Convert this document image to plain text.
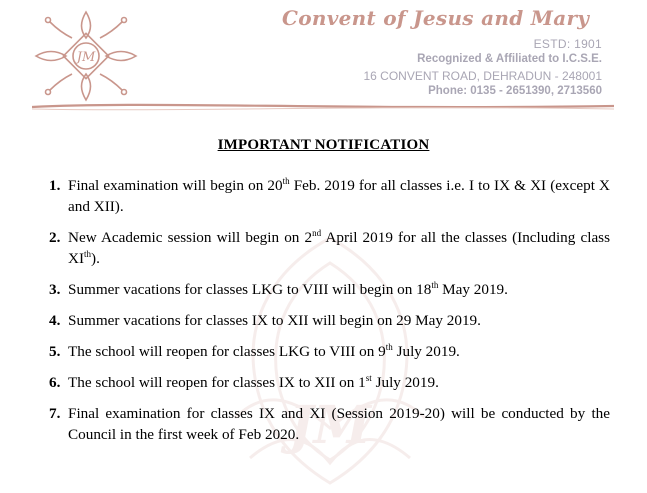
JM
JM
Convent of Jesus and Mary
ESTD: 1901
Recognized & Affiliated to I.C.S.E.
16 CONVENT ROAD, DEHRADUN - 248001
Phone: 0135 - 2651390, 2713560
IMPORTANT NOTIFICATION
1. Final examination will begin on 20th Feb. 2019 for all classes i.e. I to IX & XI (except X and XII).
2. New Academic session will begin on 2nd April 2019 for all the classes (Including class XIth).
3. Summer vacations for classes LKG to VIII will begin on 18th May 2019.
4. Summer vacations for classes IX to XII will begin on 29 May 2019.
5. The school will reopen for classes LKG to VIII on 9th July 2019.
6. The school will reopen for classes IX to XII on 1st July 2019.
7. Final examination for classes IX and XI (Session 2019-20) will be conducted by the Council in the first week of Feb 2020.
